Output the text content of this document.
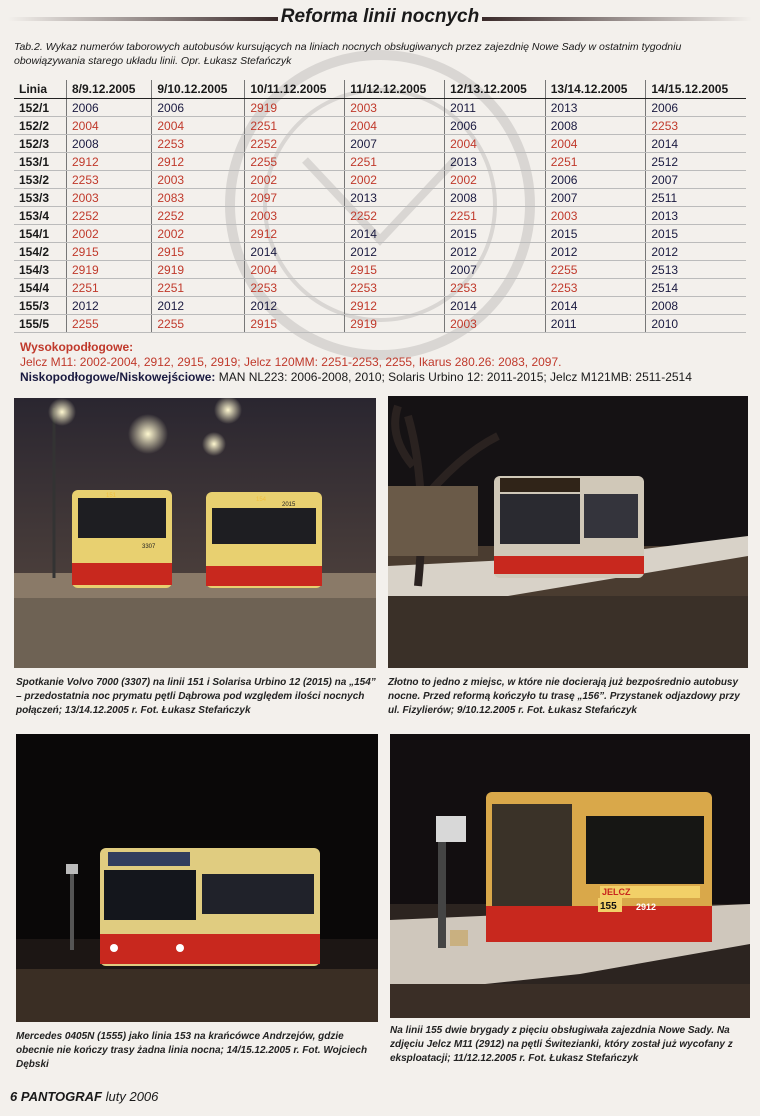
Reforma linii nocnych
Tab.2. Wykaz numerów taborowych autobusów kursujących na liniach nocnych obsługiwanych przez zajezdnię Nowe Sady w ostatnim tygodniu obowiązywania starego układu linii. Opr. Łukasz Stefańczyk
Linia	8/9.12.2005	9/10.12.2005	10/11.12.2005	11/12.12.2005	12/13.12.2005	13/14.12.2005	14/15.12.2005
152/1	2006	2006	2919	2003	2011	2013	2006
152/2	2004	2004	2251	2004	2006	2008	2253
152/3	2008	2253	2252	2007	2004	2004	2014
153/1	2912	2912	2255	2251	2013	2251	2512
153/2	2253	2003	2002	2002	2002	2006	2007
153/3	2003	2083	2097	2013	2008	2007	2511
153/4	2252	2252	2003	2252	2251	2003	2013
154/1	2002	2002	2912	2014	2015	2015	2015
154/2	2915	2915	2014	2012	2012	2012	2012
154/3	2919	2919	2004	2915	2007	2255	2513
154/4	2251	2251	2253	2253	2253	2253	2514
155/3	2012	2012	2012	2912	2014	2014	2008
155/5	2255	2255	2915	2919	2003	2011	2010
Wysokopodłogowe:
Jelcz M11: 2002-2004, 2912, 2915, 2919; Jelcz 120MM: 2251-2253, 2255, Ikarus 280.26: 2083, 2097.
Niskopodłogowe/Niskowejściowe: MAN NL223: 2006-2008, 2010; Solaris Urbino 12: 2011-2015; Jelcz M121MB: 2511-2514
3307
151
2015
154
Spotkanie Volvo 7000 (3307) na linii 151 i Solarisa Urbino 12 (2015) na „154” – przedostatnia noc prymatu pętli Dąbrowa pod względem ilości nocnych połączeń; 13/14.12.2005 r. Fot. Łukasz Stefańczyk
Złotno to jedno z miejsc, w które nie docierają już bezpośrednio autobusy nocne. Przed reformą kończyło tu trasę „156”. Przystanek odjazdowy przy ul. Fizylierów; 9/10.12.2005 r. Fot. Łukasz Stefańczyk
Mercedes 0405N (1555) jako linia 153 na krańcówce Andrzejów, gdzie obecnie nie kończy trasy żadna linia nocna; 14/15.12.2005 r. Fot. Wojciech Dębski
JELCZ
155 2912
Na linii 155 dwie brygady z pięciu obsługiwała zajezdnia Nowe Sady. Na zdjęciu Jelcz M11 (2912) na pętli Świtezianki, który został już wycofany z eksploatacji; 11/12.12.2005 r. Fot. Łukasz Stefańczyk
6 PANTOGRAF luty 2006
